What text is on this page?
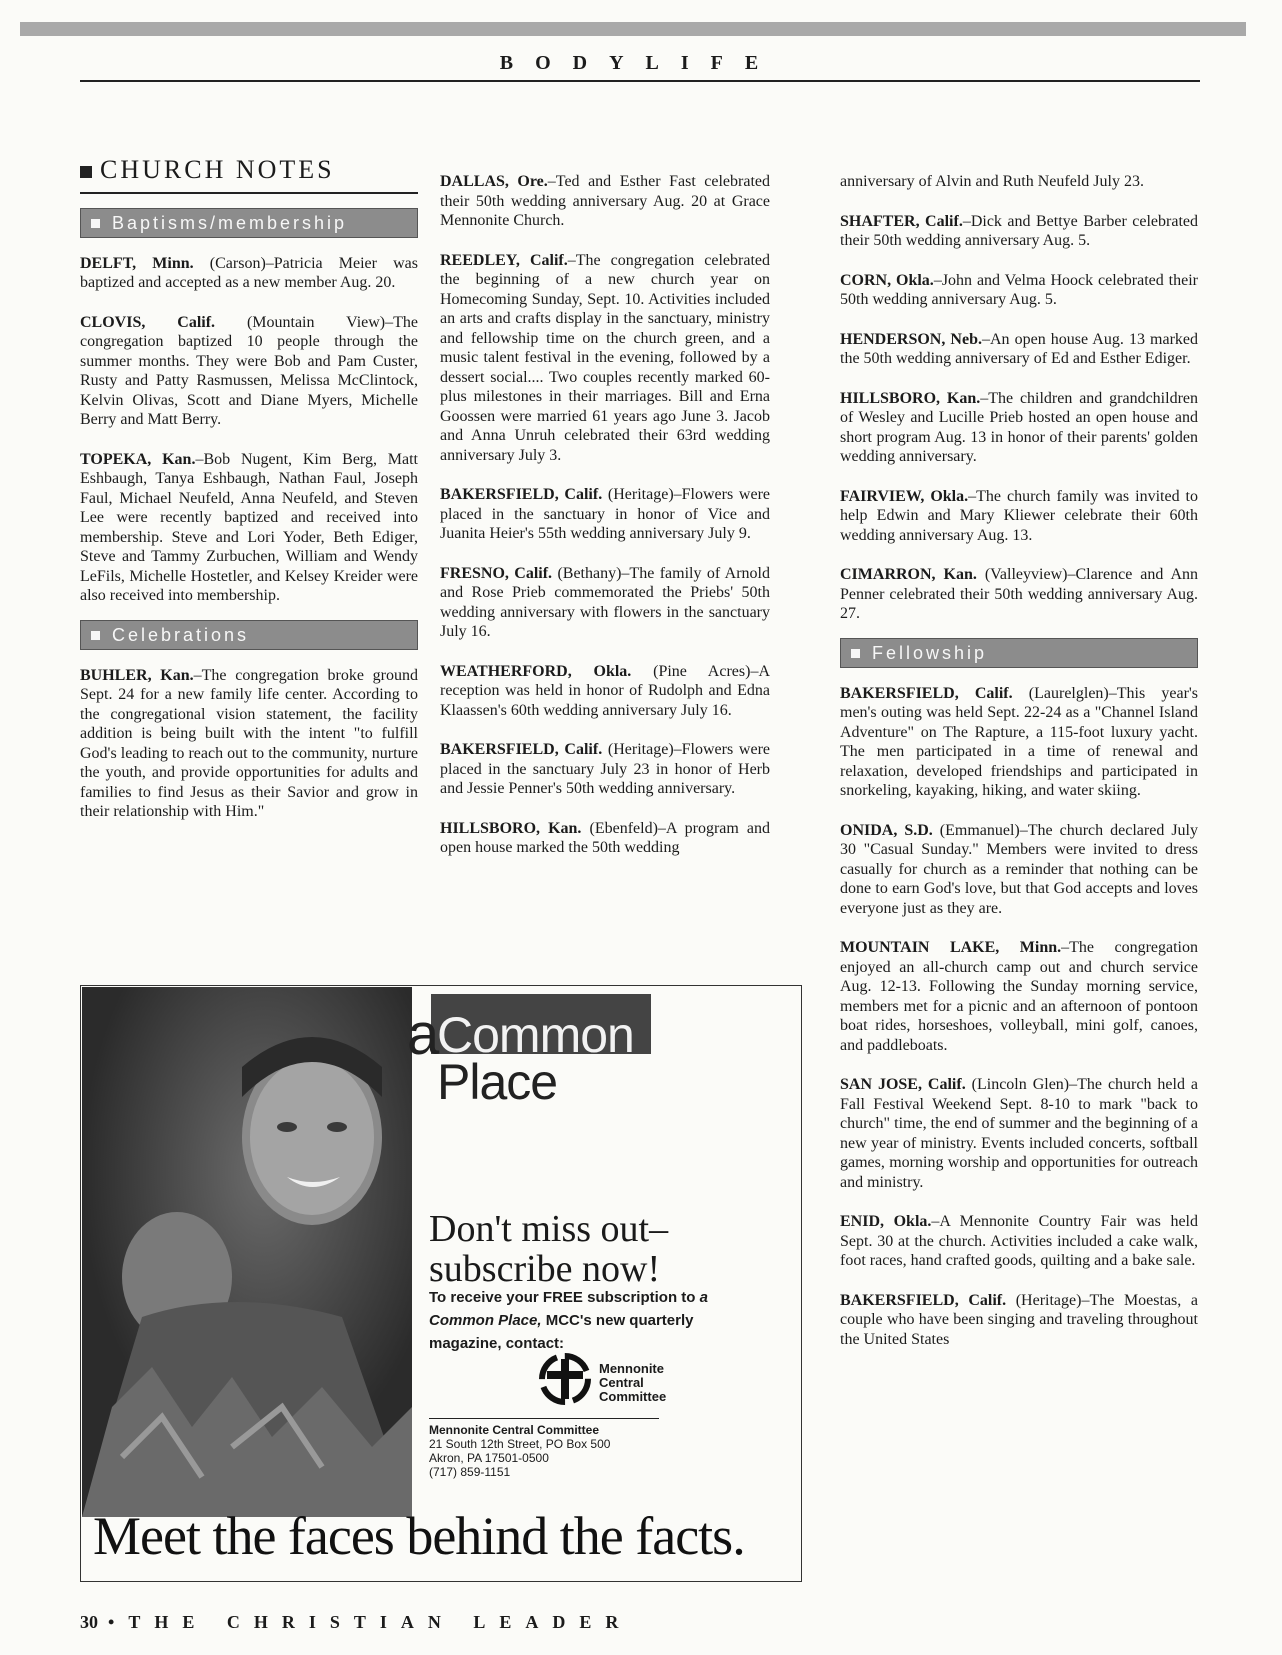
BODYLIFE
CHURCH NOTES
Baptisms/membership

DELFT, Minn. (Carson)–Patricia Meier was baptized and accepted as a new member Aug. 20.

CLOVIS, Calif. (Mountain View)–The congregation baptized 10 people through the summer months. They were Bob and Pam Custer, Rusty and Patty Rasmussen, Melissa McClintock, Kelvin Olivas, Scott and Diane Myers, Michelle Berry and Matt Berry.

TOPEKA, Kan.–Bob Nugent, Kim Berg, Matt Eshbaugh, Tanya Eshbaugh, Nathan Faul, Joseph Faul, Michael Neufeld, Anna Neufeld, and Steven Lee were recently baptized and received into membership. Steve and Lori Yoder, Beth Ediger, Steve and Tammy Zurbuchen, William and Wendy LeFils, Michelle Hostetler, and Kelsey Kreider were also received into membership.

Celebrations

BUHLER, Kan.–The congregation broke ground Sept. 24 for a new family life center. According to the congregational vision statement, the facility addition is being built with the intent "to fulfill God's leading to reach out to the community, nurture the youth, and provide opportunities for adults and families to find Jesus as their Savior and grow in their relationship with Him."

DALLAS, Ore.–Ted and Esther Fast celebrated their 50th wedding anniversary Aug. 20 at Grace Mennonite Church.

REEDLEY, Calif.–The congregation celebrated the beginning of a new church year on Homecoming Sunday, Sept. 10. Activities included an arts and crafts display in the sanctuary, ministry and fellowship time on the church green, and a music talent festival in the evening, followed by a dessert social.... Two couples recently marked 60-plus milestones in their marriages. Bill and Erna Goossen were married 61 years ago June 3. Jacob and Anna Unruh celebrated their 63rd wedding anniversary July 3.

BAKERSFIELD, Calif. (Heritage)–Flowers were placed in the sanctuary in honor of Vice and Juanita Heier's 55th wedding anniversary July 9.

FRESNO, Calif. (Bethany)–The family of Arnold and Rose Prieb commemorated the Priebs' 50th wedding anniversary with flowers in the sanctuary July 16.

WEATHERFORD, Okla. (Pine Acres)–A reception was held in honor of Rudolph and Edna Klaassen's 60th wedding anniversary July 16.

BAKERSFIELD, Calif. (Heritage)–Flowers were placed in the sanctuary July 23 in honor of Herb and Jessie Penner's 50th wedding anniversary.

HILLSBORO, Kan. (Ebenfeld)–A program and open house marked the 50th wedding

anniversary of Alvin and Ruth Neufeld July 23.

SHAFTER, Calif.–Dick and Bettye Barber celebrated their 50th wedding anniversary Aug. 5.

CORN, Okla.–John and Velma Hoock celebrated their 50th wedding anniversary Aug. 5.

HENDERSON, Neb.–An open house Aug. 13 marked the 50th wedding anniversary of Ed and Esther Ediger.

HILLSBORO, Kan.–The children and grandchildren of Wesley and Lucille Prieb hosted an open house and short program Aug. 13 in honor of their parents' golden wedding anniversary.

FAIRVIEW, Okla.–The church family was invited to help Edwin and Mary Kliewer celebrate their 60th wedding anniversary Aug. 13.

CIMARRON, Kan. (Valleyview)–Clarence and Ann Penner celebrated their 50th wedding anniversary Aug. 27.

Fellowship

BAKERSFIELD, Calif. (Laurelglen)–This year's men's outing was held Sept. 22-24 as a "Channel Island Adventure" on The Rapture, a 115-foot luxury yacht. The men participated in a time of renewal and relaxation, developed friendships and participated in snorkeling, kayaking, hiking, and water skiing.

ONIDA, S.D. (Emmanuel)–The church declared July 30 "Casual Sunday." Members were invited to dress casually for church as a reminder that nothing can be done to earn God's love, but that God accepts and loves everyone just as they are.

MOUNTAIN LAKE, Minn.–The congregation enjoyed an all-church camp out and church service Aug. 12-13. Following the Sunday morning service, members met for a picnic and an afternoon of pontoon boat rides, horseshoes, volleyball, mini golf, canoes, and paddleboats.

SAN JOSE, Calif. (Lincoln Glen)–The church held a Fall Festival Weekend Sept. 8-10 to mark "back to church" time, the end of summer and the beginning of a new year of ministry. Events included concerts, softball games, morning worship and opportunities for outreach and ministry.

ENID, Okla.–A Mennonite Country Fair was held Sept. 30 at the church. Activities included a cake walk, foot races, hand crafted goods, quilting and a bake sale.

BAKERSFIELD, Calif. (Heritage)–The Moestas, a couple who have been singing and traveling throughout the United States

a
Common
Place
Don't miss out–
subscribe now!
To receive your FREE subscription to a Common Place, MCC's new quarterly magazine, contact:
Mennonite
Central
Committee
Mennonite Central Committee
21 South 12th Street, PO Box 500
Akron, PA 17501-0500
(717) 859-1151
Meet the faces behind the facts.
30 • THE CHRISTIAN LEADER
